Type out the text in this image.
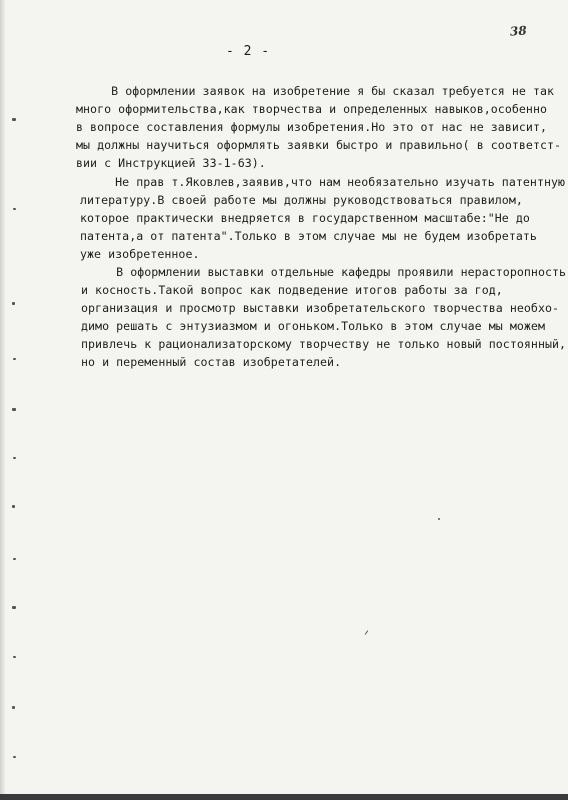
38
- 2 -
В оформлении заявок на изобретение я бы сказал требуется не так
много оформительства,как творчества и определенных навыков,особенно
в вопросе составления формулы изобретения.Но это от нас не зависит,
мы должны научиться оформлять заявки быстро и правильно( в соответст-
вии с Инструкцией 33-1-63).
Не прав т.Яковлев,заявив,что нам необязательно изучать патентную
литературу.В своей работе мы должны руководствоваться правилом,
которое практически внедряется в государственном масштабе:"Не до
патента,а от патента".Только в этом случае мы не будем изобретать
уже изобретенное.
В оформлении выставки отдельные кафедры проявили нерасторопность
и косность.Такой вопрос как подведение итогов работы за год,
организация и просмотр выставки изобретательского творчества необхо-
димо решать с энтузиазмом и огоньком.Только в этом случае мы можем
привлечь к рационализаторскому творчеству не только новый постоянный,
но и переменный состав изобретателей.
